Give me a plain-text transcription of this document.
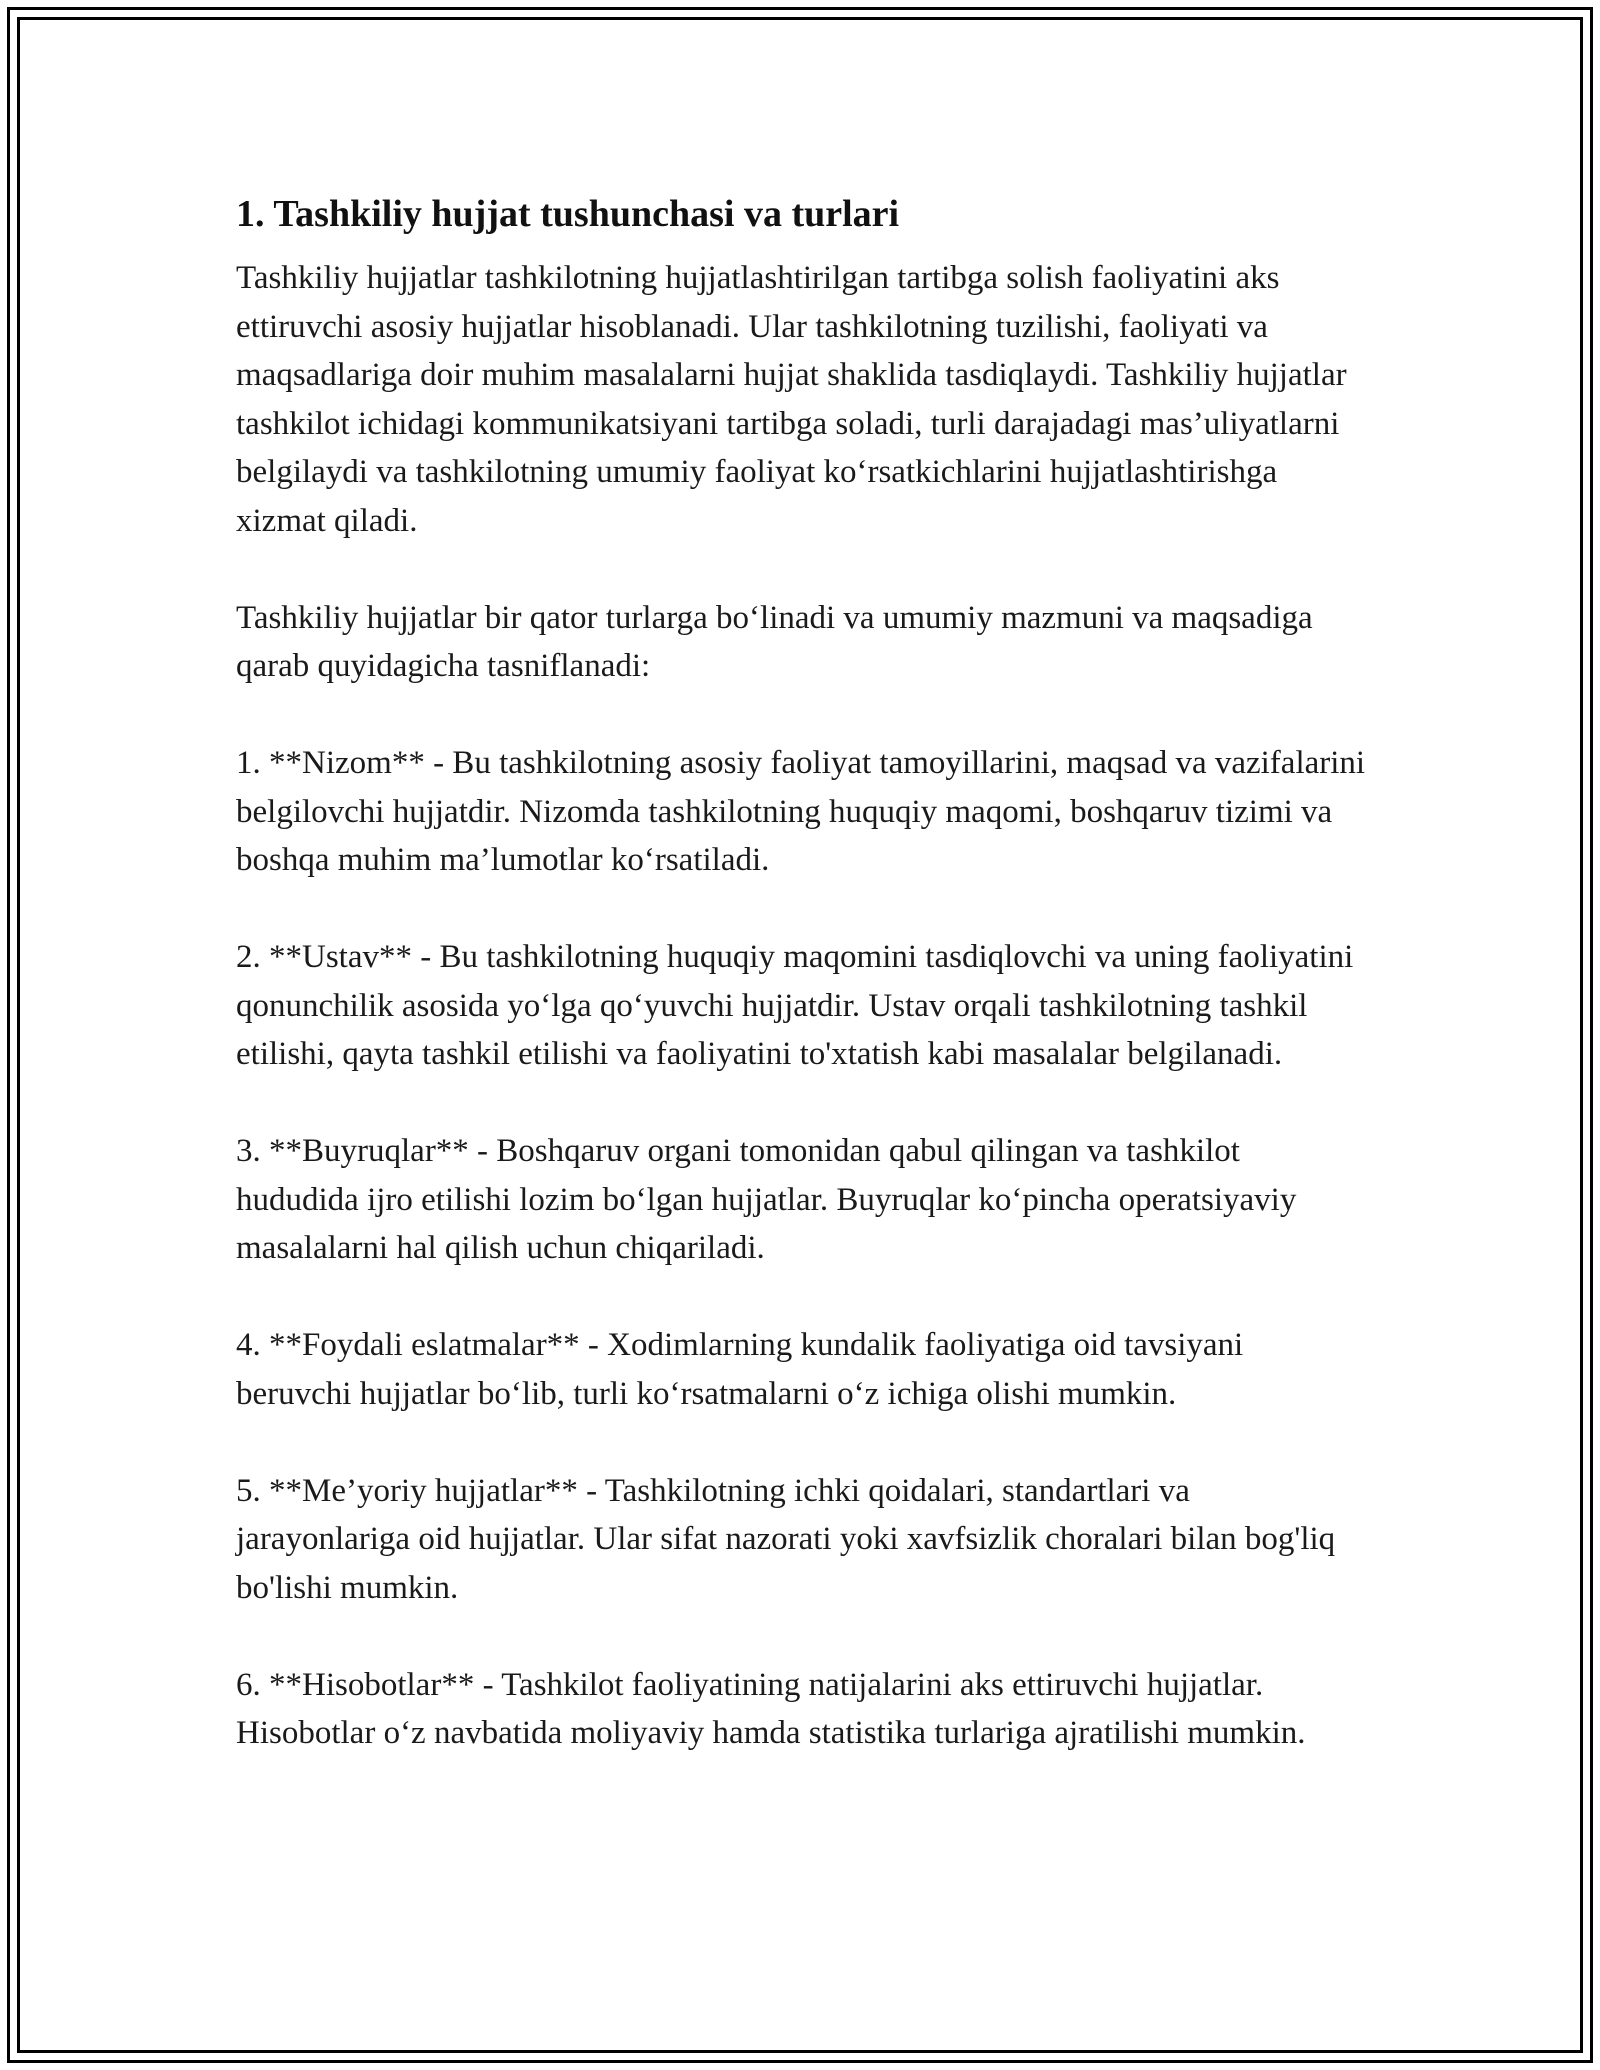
1. Tashkiliy hujjat tushunchasi va turlari

Tashkiliy hujjatlar tashkilotning hujjatlashtirilgan tartibga solish faoliyatini aks ettiruvchi asosiy hujjatlar hisoblanadi. Ular tashkilotning tuzilishi, faoliyati va maqsadlariga doir muhim masalalarni hujjat shaklida tasdiqlaydi. Tashkiliy hujjatlar tashkilot ichidagi kommunikatsiyani tartibga soladi, turli darajadagi mas’uliyatlarni belgilaydi va tashkilotning umumiy faoliyat ko‘rsatkichlarini hujjatlashtirishga xizmat qiladi.

Tashkiliy hujjatlar bir qator turlarga bo‘linadi va umumiy mazmuni va maqsadiga qarab quyidagicha tasniflanadi:

1. **Nizom** - Bu tashkilotning asosiy faoliyat tamoyillarini, maqsad va vazifalarini belgilovchi hujjatdir. Nizomda tashkilotning huquqiy maqomi, boshqaruv tizimi va boshqa muhim ma’lumotlar ko‘rsatiladi.

2. **Ustav** - Bu tashkilotning huquqiy maqomini tasdiqlovchi va uning faoliyatini qonunchilik asosida yo‘lga qo‘yuvchi hujjatdir. Ustav orqali tashkilotning tashkil etilishi, qayta tashkil etilishi va faoliyatini to'xtatish kabi masalalar belgilanadi.

3. **Buyruqlar** - Boshqaruv organi tomonidan qabul qilingan va tashkilot hududida ijro etilishi lozim bo‘lgan hujjatlar. Buyruqlar ko‘pincha operatsiyaviy masalalarni hal qilish uchun chiqariladi.

4. **Foydali eslatmalar** - Xodimlarning kundalik faoliyatiga oid tavsiyani beruvchi hujjatlar bo‘lib, turli ko‘rsatmalarni o‘z ichiga olishi mumkin.

5. **Me’yoriy hujjatlar** - Tashkilotning ichki qoidalari, standartlari va jarayonlariga oid hujjatlar. Ular sifat nazorati yoki xavfsizlik choralari bilan bog'liq bo'lishi mumkin.

6. **Hisobotlar** - Tashkilot faoliyatining natijalarini aks ettiruvchi hujjatlar. Hisobotlar o‘z navbatida moliyaviy hamda statistika turlariga ajratilishi mumkin.
